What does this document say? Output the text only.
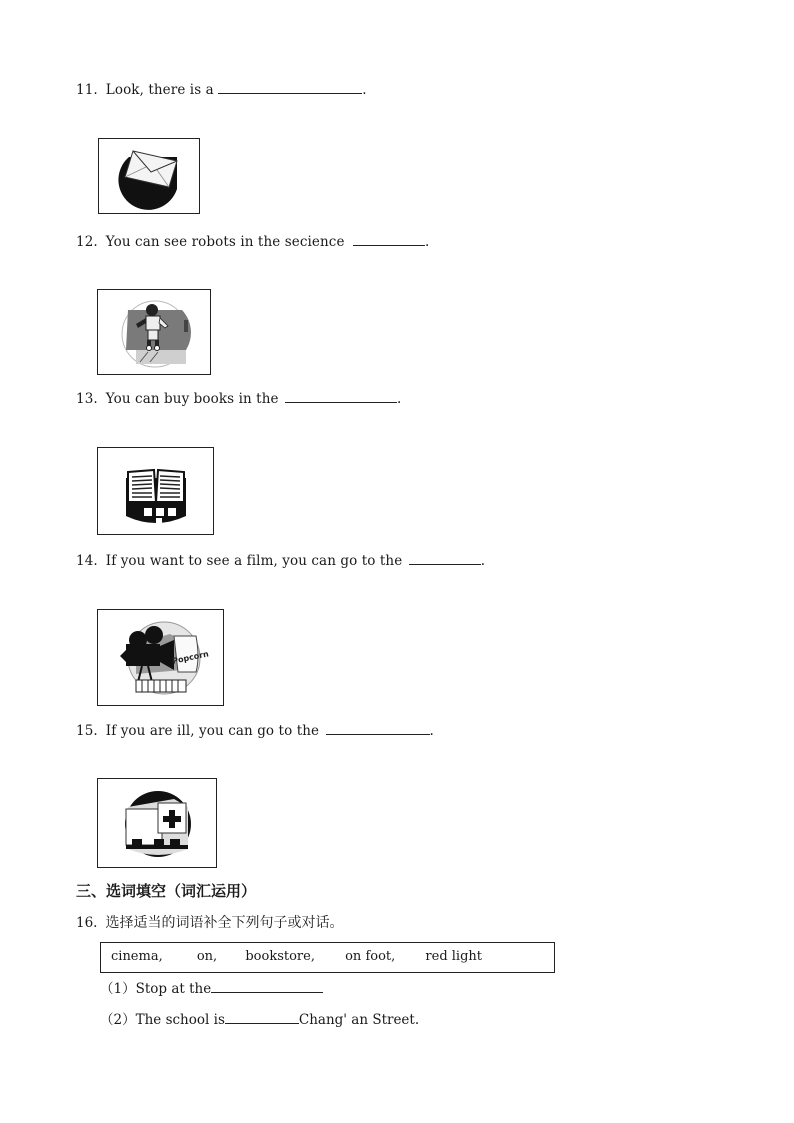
11. Look, there is a	.
12. You can see robots in the secience	.
13. You can buy books in the	.
14. If you want to see a film, you can go to the	.
Popcorn
15. If you are ill, you can go to the	.
三、选词填空（词汇运用）
16. 选择适当的词语补全下列句子或对话。
cinema,	on, bookstore, on foot, red light
（1）Stop at the
（2）The school is	Chang' an Street.
